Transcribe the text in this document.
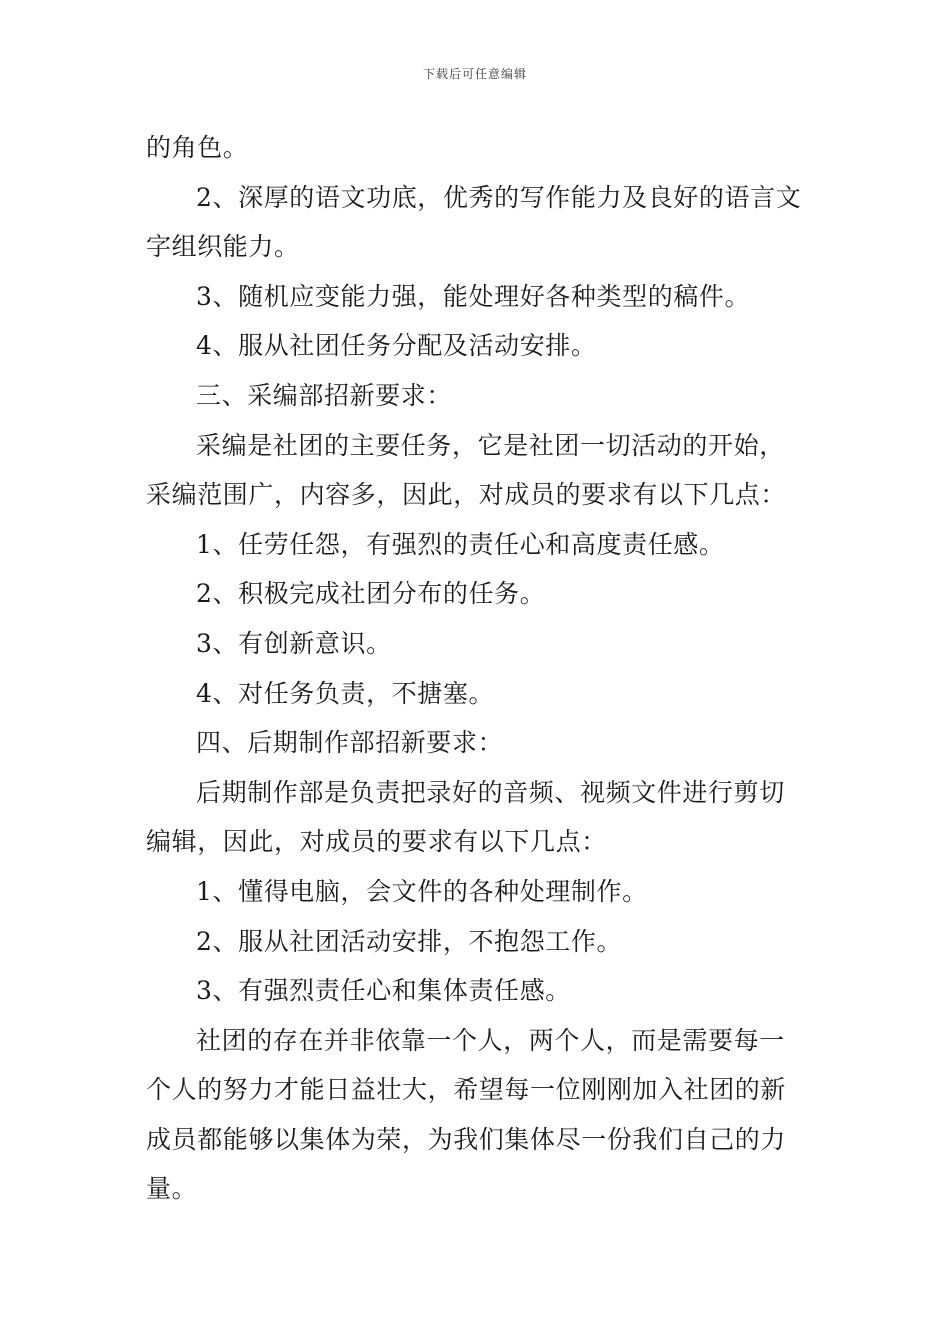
下载后可任意编辑
的角色。
2、深厚的语文功底，优秀的写作能力及良好的语言文
字组织能力。
3、随机应变能力强，能处理好各种类型的稿件。
4、服从社团任务分配及活动安排。
三、采编部招新要求：
采编是社团的主要任务，它是社团一切活动的开始，
采编范围广，内容多，因此，对成员的要求有以下几点：
1、任劳任怨，有强烈的责任心和高度责任感。
2、积极完成社团分布的任务。
3、有创新意识。
4、对任务负责，不搪塞。
四、后期制作部招新要求：
后期制作部是负责把录好的音频、视频文件进行剪切
编辑，因此，对成员的要求有以下几点：
1、懂得电脑，会文件的各种处理制作。
2、服从社团活动安排，不抱怨工作。
3、有强烈责任心和集体责任感。
社团的存在并非依靠一个人，两个人，而是需要每一
个人的努力才能日益壮大，希望每一位刚刚加入社团的新
成员都能够以集体为荣，为我们集体尽一份我们自己的力
量。
